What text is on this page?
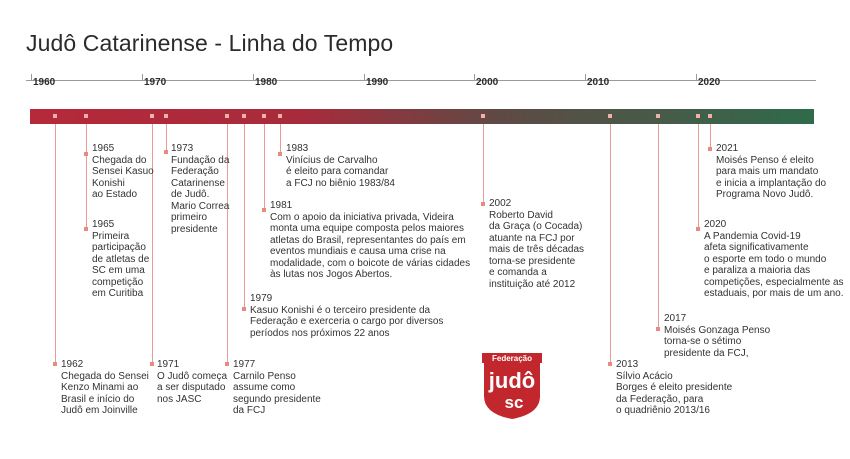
Judô Catarinense - Linha do Tempo
1960	1970	1980	1990	2000	2010	2020
1962
Chegada do Sensei
Kenzo Minami ao
Brasil e início do
Judô em Joinville
1965
Chegada do
Sensei Kasuo
Konishi
ao Estado
1965
Primeira
participação
de atletas de
SC em uma
competição
em Curitiba
1971
O Judô começa
a ser disputado
nos JASC
1973
Fundação da
Federação
Catarinense
de Judô.
Mario Correa
primeiro
presidente
1977
Carnilo Penso
assume como
segundo presidente
da FCJ
1979
Kasuo Konishi é o terceiro presidente da
Federação e exerceria o cargo por diversos
períodos nos próximos 22 anos
1981
Com o apoio da iniciativa privada, Videira
monta uma equipe composta pelos maiores
atletas do Brasil, representantes do país em
eventos mundiais e causa uma crise na
modalidade, com o boicote de várias cidades
às lutas nos Jogos Abertos.
1983
Vinícius de Carvalho
é eleito para comandar
a FCJ no biênio 1983/84
2002
Roberto David
da Graça (o Cocada)
atuante na FCJ por
mais de três décadas
torna-se presidente
e comanda a
instituição até 2012
2013
Sílvio Acácio
Borges é eleito presidente
da Federação, para
o quadriênio 2013/16
2017
Moisés Gonzaga Penso
torna-se o sétimo
presidente da FCJ,
2020
A Pandemia Covid-19
afeta significativamente
o esporte em todo o mundo
e paraliza a maioria das
competições, especialmente as
estaduais, por mais de um ano.
2021
Moisés Penso é eleito
para mais um mandato
e inicia a implantação do
Programa Novo Judô.
Federação
judô
sc
